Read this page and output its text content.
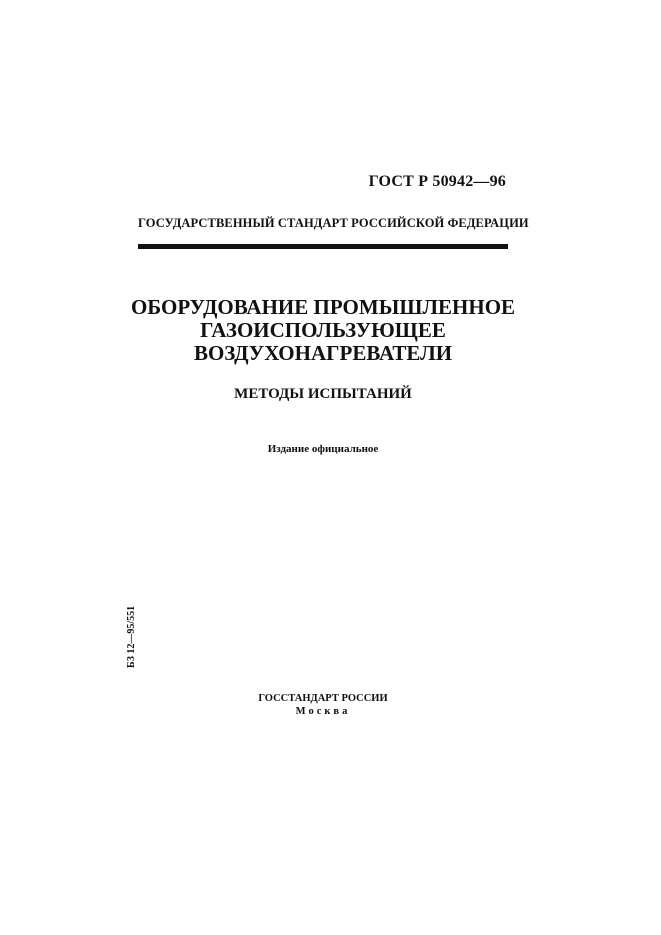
ГОСТ Р 50942—96
ГОСУДАРСТВЕННЫЙ СТАНДАРТ РОССИЙСКОЙ ФЕДЕРАЦИИ
ОБОРУДОВАНИЕ ПРОМЫШЛЕННОЕ
ГАЗОИСПОЛЬЗУЮЩЕЕ
ВОЗДУХОНАГРЕВАТЕЛИ
МЕТОДЫ ИСПЫТАНИЙ
Издание официальное
БЗ 12—95/551
ГОССТАНДАРТ РОССИИ
Москва
